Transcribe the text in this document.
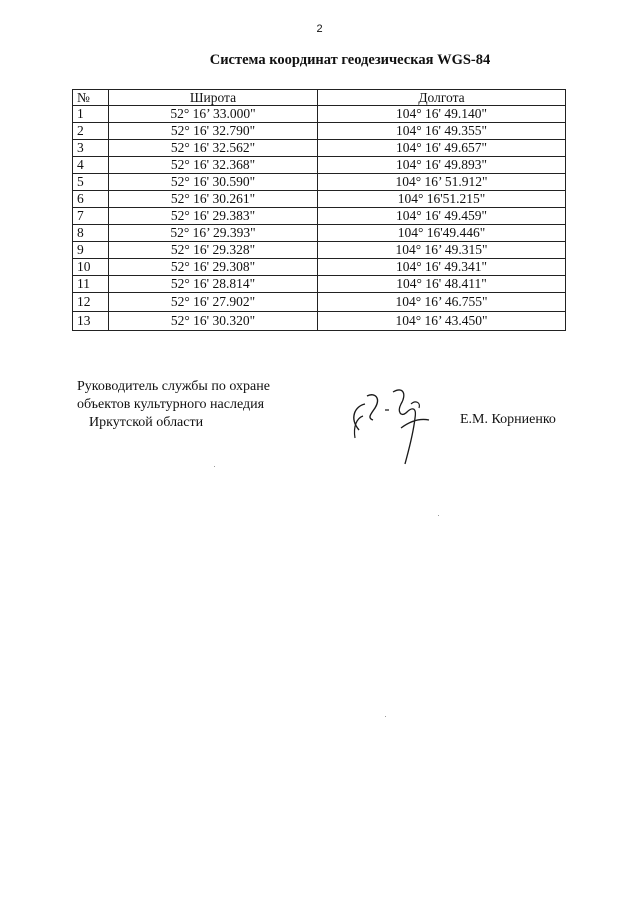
2
Система координат геодезическая WGS-84
№	Широта	Долгота
1	52° 16’ 33.000"	104° 16' 49.140"
2	52° 16' 32.790"	104° 16' 49.355"
3	52° 16' 32.562"	104° 16' 49.657"
4	52° 16' 32.368"	104° 16' 49.893"
5	52° 16' 30.590"	104° 16’ 51.912"
6	52° 16' 30.261"	104° 16'51.215"
7	52° 16' 29.383"	104° 16' 49.459"
8	52° 16’ 29.393"	104° 16'49.446"
9	52° 16' 29.328"	104° 16’ 49.315"
10	52° 16' 29.308"	104° 16' 49.341"
11	52° 16' 28.814"	104° 16' 48.411"
12	52° 16' 27.902"	104° 16’ 46.755"
13	52° 16' 30.320"	104° 16’ 43.450"
Руководитель службы по охране
объектов культурного наследия
Иркутской области	Е.М. Корниенко
